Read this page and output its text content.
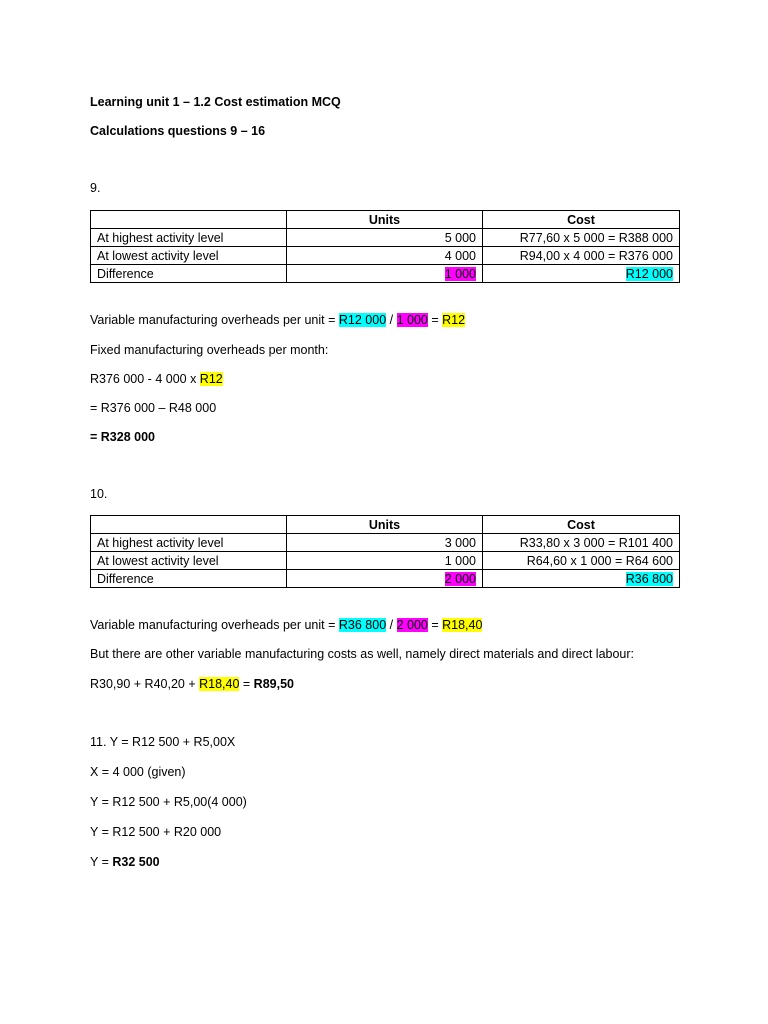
Learning unit 1 – 1.2 Cost estimation MCQ
Calculations questions 9 – 16
9.
	Units	Cost
At highest activity level	5 000	R77,60 x 5 000 = R388 000
At lowest activity level	4 000	R94,00 x 4 000 = R376 000
Difference	1 000	R12 000
Variable manufacturing overheads per unit = R12 000 / 1 000 = R12
Fixed manufacturing overheads per month:
R376 000 - 4 000 x R12
= R376 000 – R48 000
= R328 000
10.
	Units	Cost
At highest activity level	3 000	R33,80 x 3 000 = R101 400
At lowest activity level	1 000	R64,60 x 1 000 = R64 600
Difference	2 000	R36 800
Variable manufacturing overheads per unit = R36 800 / 2 000 = R18,40
But there are other variable manufacturing costs as well, namely direct materials and direct labour:
R30,90 + R40,20 + R18,40 = R89,50
11. Y = R12 500 + R5,00X
X = 4 000 (given)
Y = R12 500 + R5,00(4 000)
Y = R12 500 + R20 000
Y = R32 500
